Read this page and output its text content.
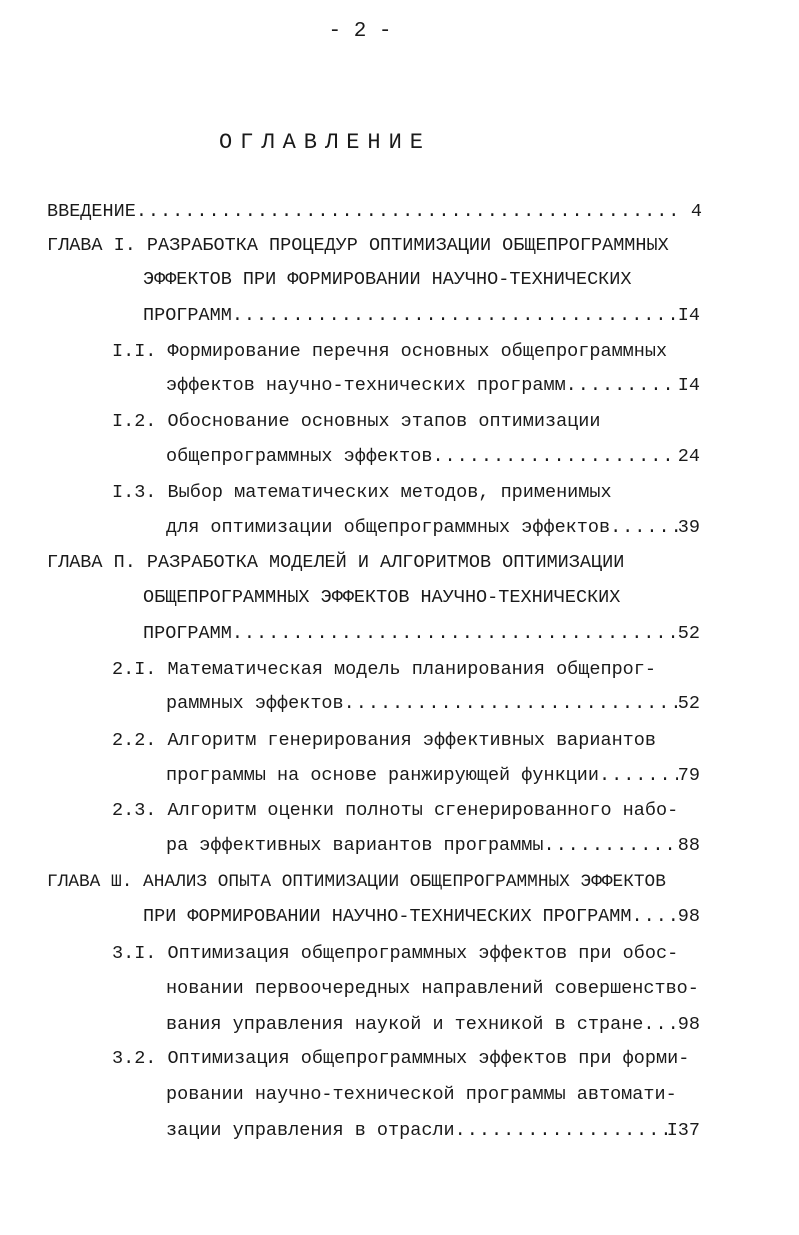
- 2 -
ОГЛАВЛЕНИЕ
ВВЕДЕНИЕ .....	4
ГЛАВА I. РАЗРАБОТКА ПРОЦЕДУР ОПТИМИЗАЦИИ ОБЩЕПРОГРАММНЫХ
ЭФФЕКТОВ ПРИ ФОРМИРОВАНИИ НАУЧНО-ТЕХНИЧЕСКИХ
ПРОГРАММ .....	I4
I.I. Формирование перечня основных общепрограммных
эффектов научно-технических программ .....	I4
I.2. Обоснование основных этапов оптимизации
общепрограммных эффектов .....	24
I.3. Выбор математических методов, применимых
для оптимизации общепрограммных эффектов .....	39
ГЛАВА П. РАЗРАБОТКА МОДЕЛЕЙ И АЛГОРИТМОВ ОПТИМИЗАЦИИ
ОБЩЕПРОГРАММНЫХ ЭФФЕКТОВ НАУЧНО-ТЕХНИЧЕСКИХ
ПРОГРАММ .....	52
2.I. Математическая модель планирования общепрог-
раммных эффектов .....	52
2.2. Алгоритм генерирования эффективных вариантов
программы на основе ранжирующей функции .....	79
2.3. Алгоритм оценки полноты сгенерированного набо-
ра эффективных вариантов программы .....	88
ГЛАВА Ш. АНАЛИЗ ОПЫТА ОПТИМИЗАЦИИ ОБЩЕПРОГРАММНЫХ ЭФФЕКТОВ
ПРИ ФОРМИРОВАНИИ НАУЧНО-ТЕХНИЧЕСКИХ ПРОГРАММ .....	98
3.I. Оптимизация общепрограммных эффектов при обос-
новании первоочередных направлений совершенство-
вания управления наукой и техникой в стране ..... 98
3.2. Оптимизация общепрограммных эффектов при форми-
ровании научно-технической программы автомати-
зации управления в отрасли .....	I37
